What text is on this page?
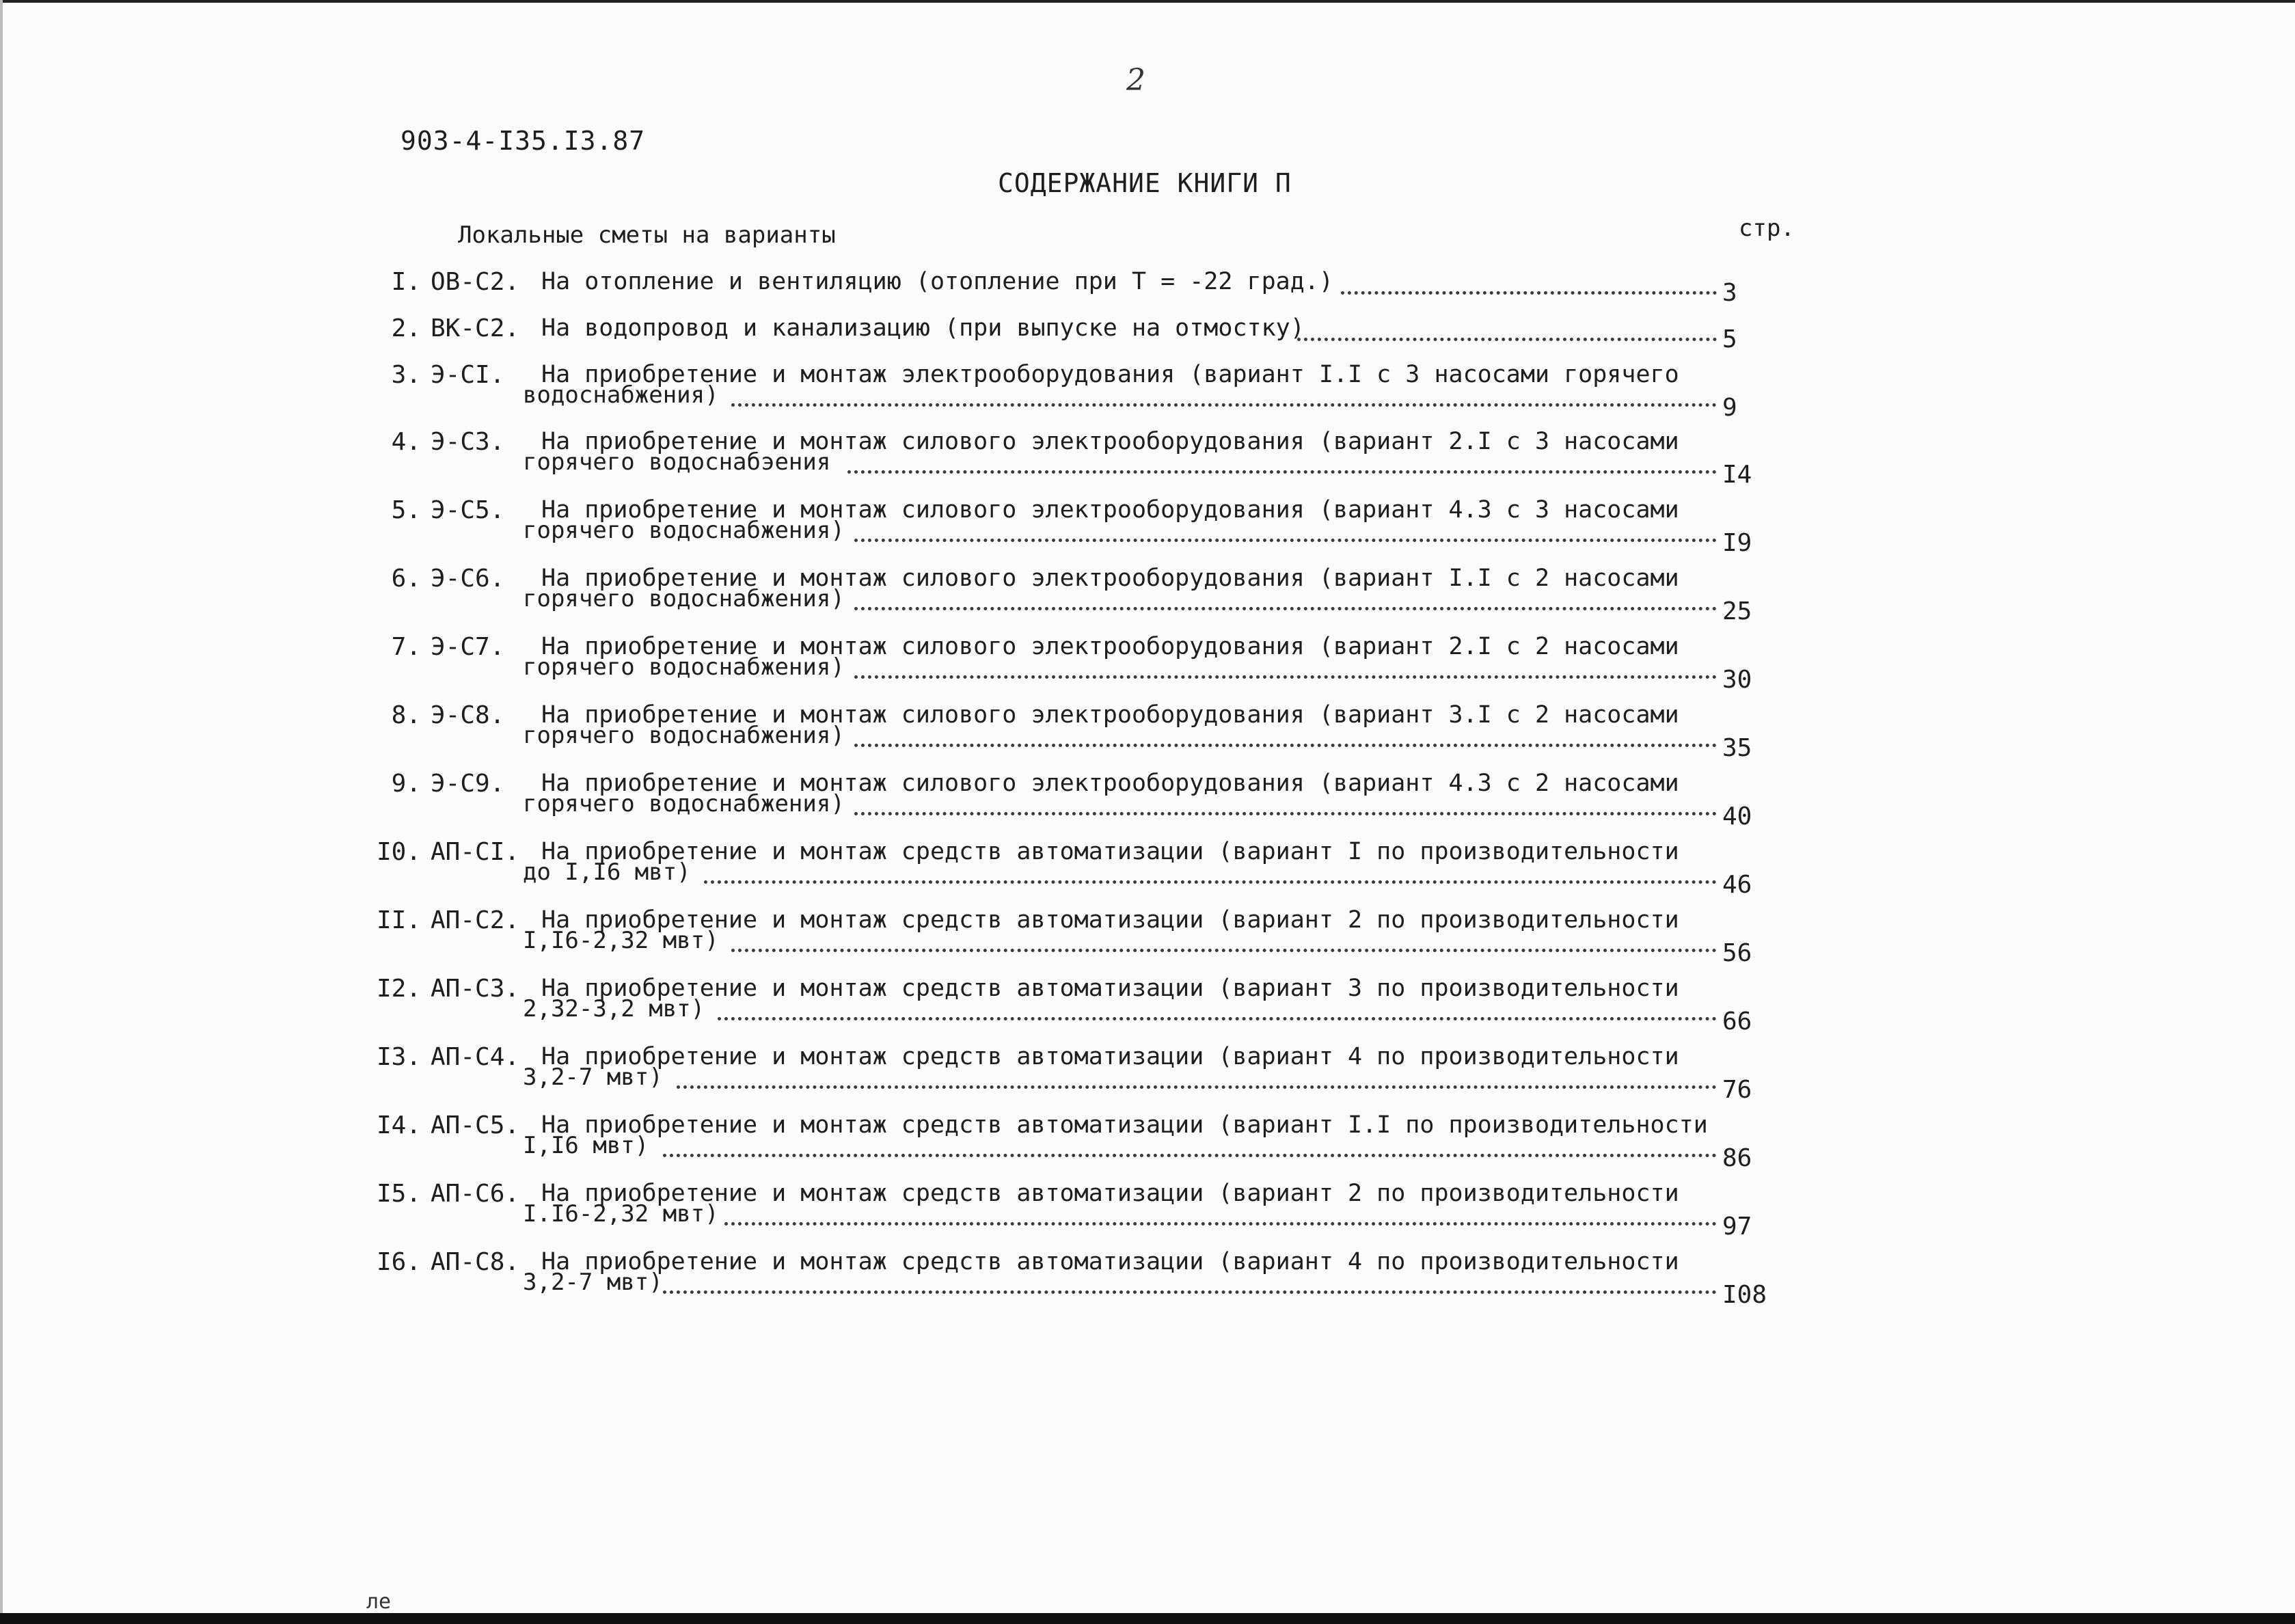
2
903-4-I35.I3.87
СОДЕРЖАНИЕ КНИГИ П
Локальные сметы на варианты	стр.
I. ОВ-С2. На отопление и вентиляцию (отопление при Т = -22 град.)	3
2. ВК-С2. На водопровод и канализацию (при выпуске на отмостку)	5
3. Э-СI. На приобретение и монтаж электрооборудования (вариант I.I с 3 насосами горячего
водоснабжения)	9
4. Э-С3. На приобретение и монтаж силового электрооборудования (вариант 2.I с 3 насосами
горячего водоснабэения	I4
5. Э-С5. На приобретение и монтаж силового электрооборудования (вариант 4.3 с 3 насосами
горячего водоснабжения)	I9
6. Э-С6. На приобретение и монтаж силового электрооборудования (вариант I.I с 2 насосами
горячего водоснабжения)	25
7. Э-С7. На приобретение и монтаж силового электрооборудования (вариант 2.I с 2 насосами
горячего водоснабжения)	30
8. Э-С8. На приобретение и монтаж силового электрооборудования (вариант 3.I с 2 насосами
горячего водоснабжения)	35
9. Э-С9. На приобретение и монтаж силового электрооборудования (вариант 4.3 с 2 насосами
горячего водоснабжения)	40
I0. АП-СI. На приобретение и монтаж средств автоматизации (вариант I по производительности
до I,I6 мвт)	46
II. АП-С2. На приобретение и монтаж средств автоматизации (вариант 2 по производительности
I,I6-2,32 мвт)	56
I2. АП-С3. На приобретение и монтаж средств автоматизации (вариант 3 по производительности
2,32-3,2 мвт)	66
I3. АП-С4. На приобретение и монтаж средств автоматизации (вариант 4 по производительности
3,2-7 мвт)	76
I4. АП-С5. На приобретение и монтаж средств автоматизации (вариант I.I по производительности
I,I6 мвт)	86
I5. АП-С6. На приобретение и монтаж средств автоматизации (вариант 2 по производительности
I.I6-2,32 мвт)	97
I6. АП-С8. На приобретение и монтаж средств автоматизации (вариант 4 по производительности
3,2-7 мвт)	I08
ле
